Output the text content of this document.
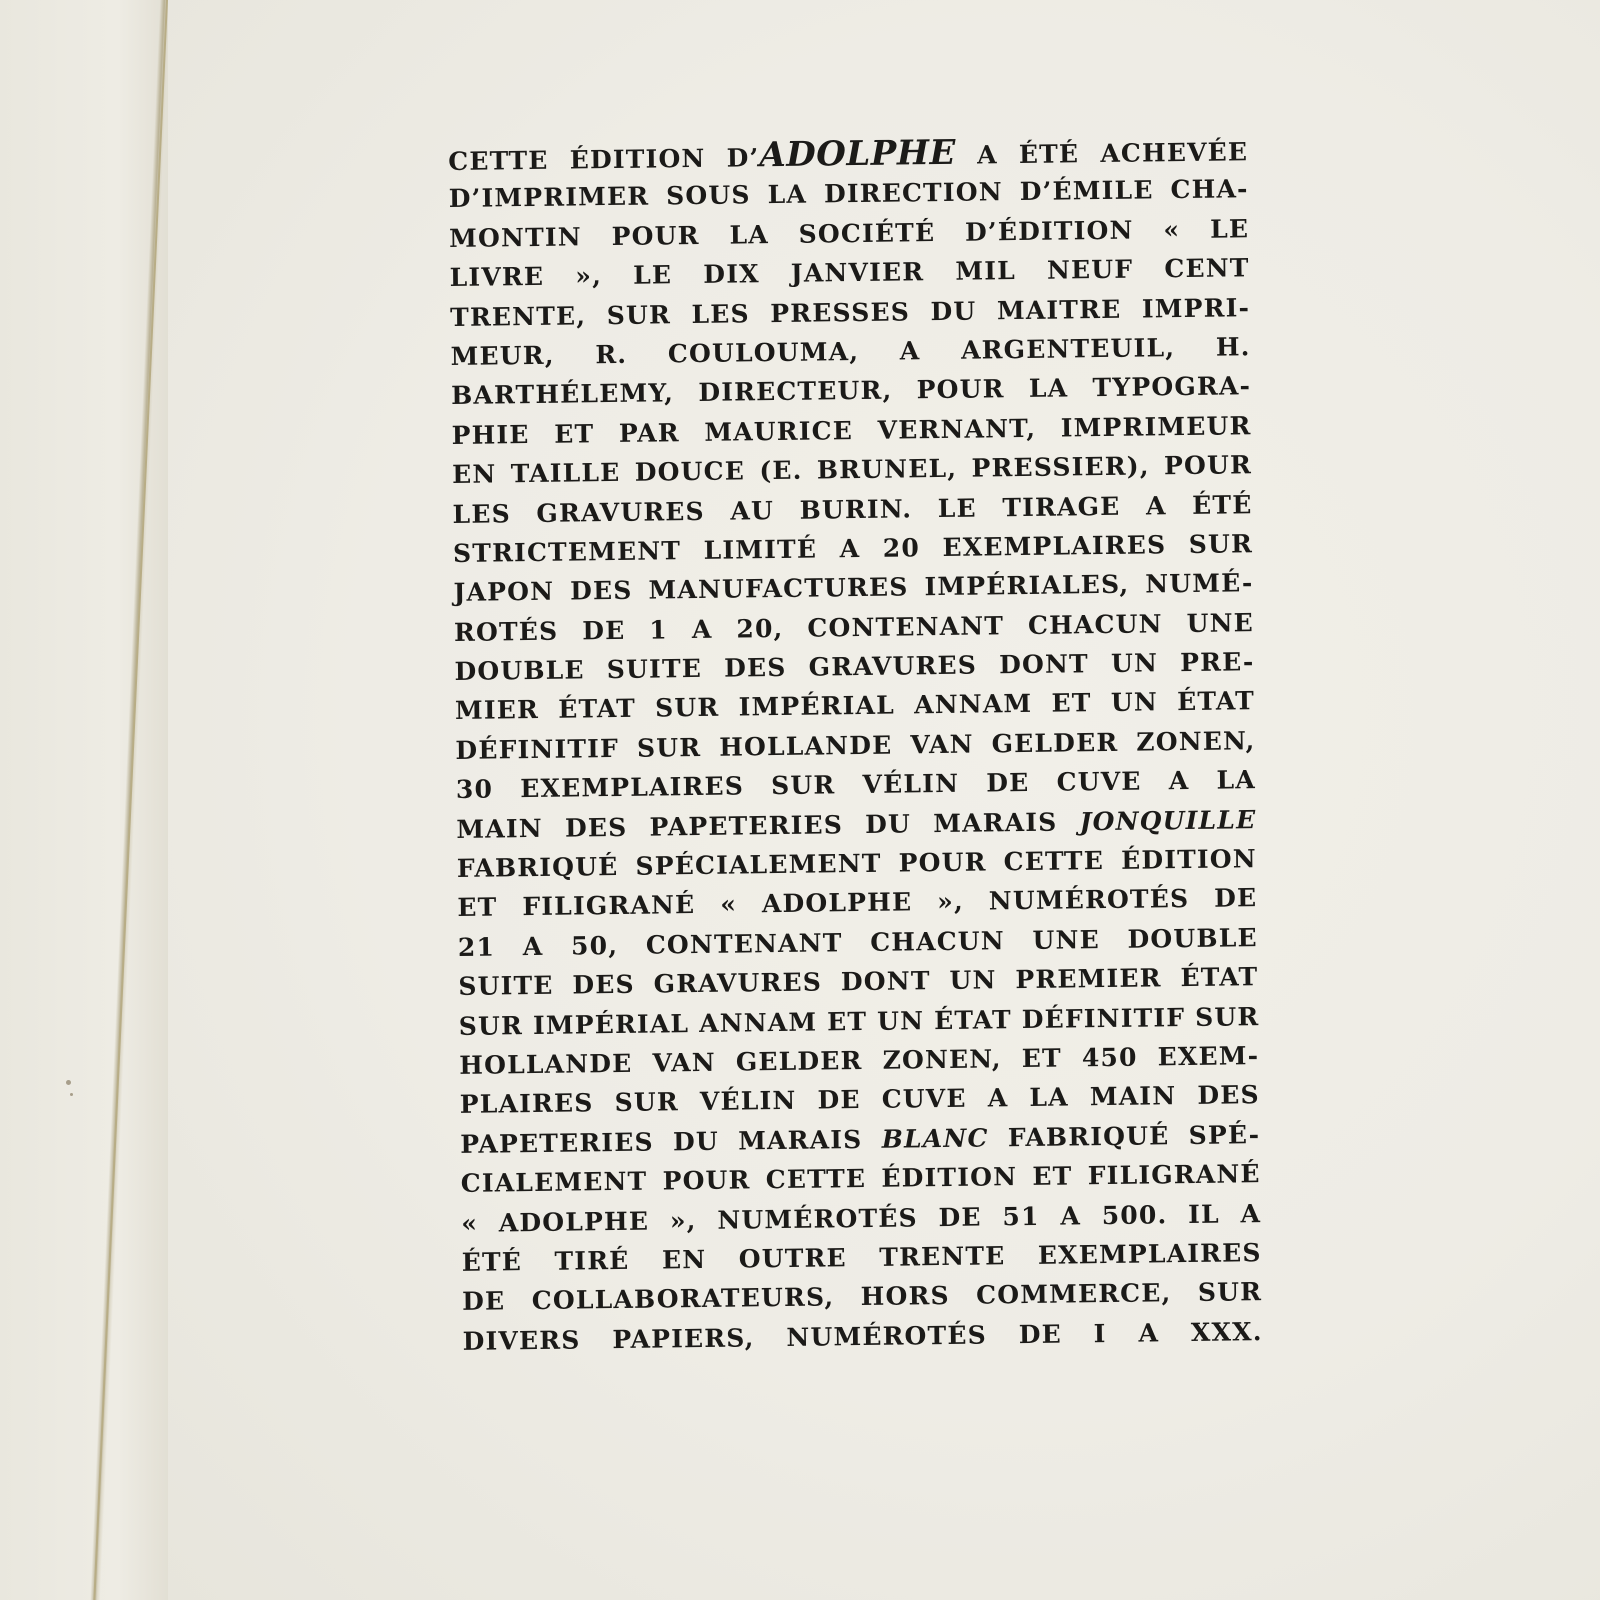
CETTE ÉDITION D’ADOLPHE A ÉTÉ ACHEVÉE
D’IMPRIMER SOUS LA DIRECTION D’ÉMILE CHA-
MONTIN POUR LA SOCIÉTÉ D’ÉDITION « LE
LIVRE », LE DIX JANVIER MIL NEUF CENT
TRENTE, SUR LES PRESSES DU MAITRE IMPRI-
MEUR, R. COULOUMA, A ARGENTEUIL, H.
BARTHÉLEMY, DIRECTEUR, POUR LA TYPOGRA-
PHIE ET PAR MAURICE VERNANT, IMPRIMEUR
EN TAILLE DOUCE (E. BRUNEL, PRESSIER), POUR
LES GRAVURES AU BURIN. LE TIRAGE A ÉTÉ
STRICTEMENT LIMITÉ A 20 EXEMPLAIRES SUR
JAPON DES MANUFACTURES IMPÉRIALES, NUMÉ-
ROTÉS DE 1 A 20, CONTENANT CHACUN UNE
DOUBLE SUITE DES GRAVURES DONT UN PRE-
MIER ÉTAT SUR IMPÉRIAL ANNAM ET UN ÉTAT
DÉFINITIF SUR HOLLANDE VAN GELDER ZONEN,
30 EXEMPLAIRES SUR VÉLIN DE CUVE A LA
MAIN DES PAPETERIES DU MARAIS JONQUILLE
FABRIQUÉ SPÉCIALEMENT POUR CETTE ÉDITION
ET FILIGRANÉ « ADOLPHE », NUMÉROTÉS DE
21 A 50, CONTENANT CHACUN UNE DOUBLE
SUITE DES GRAVURES DONT UN PREMIER ÉTAT
SUR IMPÉRIAL ANNAM ET UN ÉTAT DÉFINITIF SUR
HOLLANDE VAN GELDER ZONEN, ET 450 EXEM-
PLAIRES SUR VÉLIN DE CUVE A LA MAIN DES
PAPETERIES DU MARAIS BLANC FABRIQUÉ SPÉ-
CIALEMENT POUR CETTE ÉDITION ET FILIGRANÉ
« ADOLPHE », NUMÉROTÉS DE 51 A 500. IL A
ÉTÉ TIRÉ EN OUTRE TRENTE EXEMPLAIRES
DE COLLABORATEURS, HORS COMMERCE, SUR
DIVERS PAPIERS, NUMÉROTÉS DE I A XXX.
